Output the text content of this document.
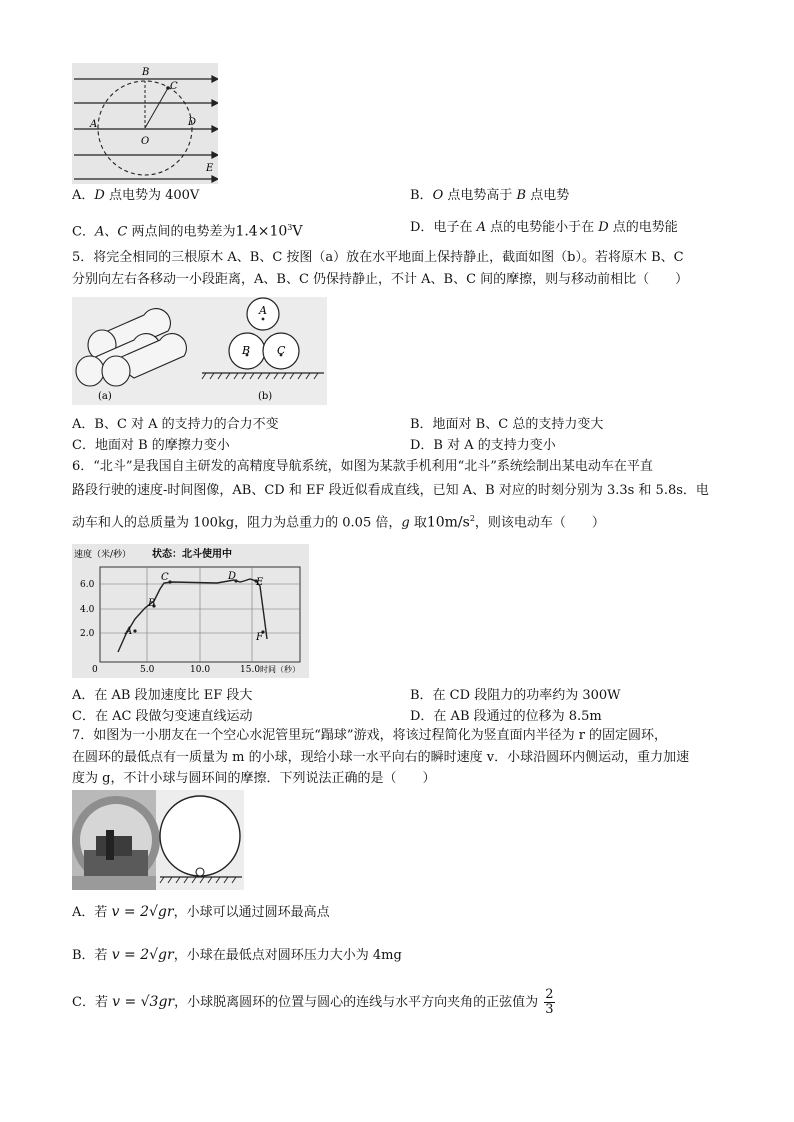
B
C
A
O
D
E
A．D 点电势为 400V	B．O 点电势高于 B 点电势
C．A、C 两点间的电势差为$1.4\times 10^3V$	D．电子在 A 点的电势能小于在 D 点的电势能
5．将完全相同的三根原木 A、B、C 按图（a）放在水平地面上保持静止，截面如图（b）。若将原木 B、C
分别向左右各移动一小段距离，A、B、C 仍保持静止，不计 A、B、C 间的摩擦，则与移动前相比（　　）
(a)
A
B C
(b)
A．B、C 对 A 的支持力的合力不变	B．地面对 B、C 总的支持力变大
C．地面对 B 的摩擦力变小	D．B 对 A 的支持力变小
6．“北斗”是我国自主研发的高精度导航系统，如图为某款手机利用“北斗”系统绘制出某电动车在平直
路段行驶的速度-时间图像，AB、CD 和 EF 段近似看成直线，已知 A、B 对应的时刻分别为 3.3s 和 5.8s．电
动车和人的总质量为 100kg，阻力为总重力的 0.05 倍，g 取$10m/s^2$，则该电动车（　　）
速度（米/秒） 状态：北斗使用中
6.0
4.0
2.0
0	5.0	10.0	15.0 时间（秒）
A
B
C	D
E
F
A．在 AB 段加速度比 EF 段大	B．在 CD 段阻力的功率约为 300W
C．在 AC 段做匀变速直线运动	D．在 AB 段通过的位移为 8.5m
7．如图为一小朋友在一个空心水泥管里玩“蹋球”游戏，将该过程简化为竖直面内半径为 r 的固定圆环，
在圆环的最低点有一质量为 m 的小球，现给小球一水平向右的瞬时速度 v．小球沿圆环内侧运动，重力加速
度为 g，不计小球与圆环间的摩擦．下列说法正确的是（　　）
A．若 v = 2√gr，小球可以通过圆环最高点
B．若 v = 2√gr，小球在最低点对圆环压力大小为 4mg
C．若 v = √3gr，小球脱离圆环的位置与圆心的连线与水平方向夹角的正弦值为 $\frac{2}{3}$
